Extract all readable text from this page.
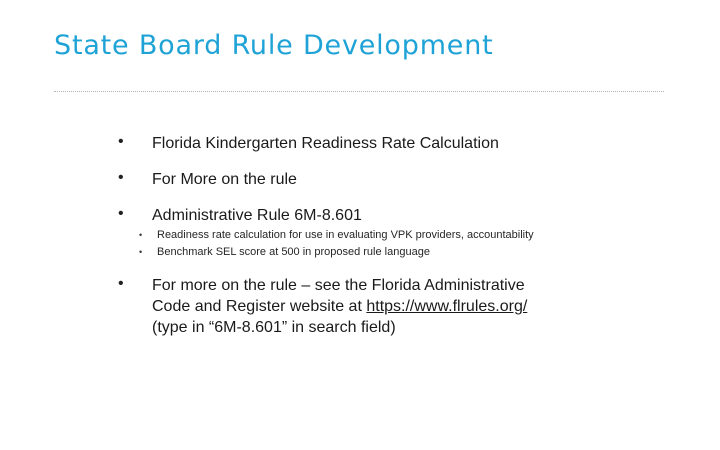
State Board Rule Development
• Florida Kindergarten Readiness Rate Calculation
• For More on the rule
• Administrative Rule 6M-8.601
• Readiness rate calculation for use in evaluating VPK providers, accountability
• Benchmark SEL score at 500 in proposed rule language
• For more on the rule – see the Florida Administrative
Code and Register website at https://www.flrules.org/
(type in “6M-8.601” in search field)
